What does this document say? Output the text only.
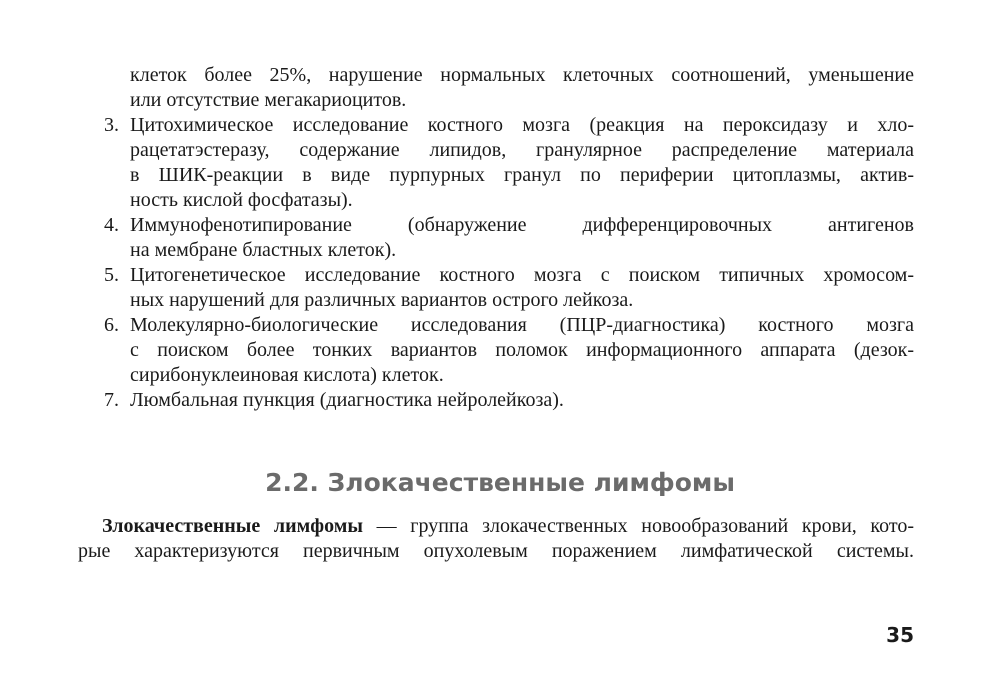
клеток более 25%, нарушение нормальных клеточных соотношений, уменьшение
или отсутствие мегакариоцитов.
3. Цитохимическое исследование костного мозга (реакция на пероксидазу и хло-
рацетатэстеразу, содержание липидов, гранулярное распределение материала
в ШИК-реакции в виде пурпурных гранул по периферии цитоплазмы, актив-
ность кислой фосфатазы).
4. Иммунофенотипирование (обнаружение дифференцировочных антигенов
на мембране бластных клеток).
5. Цитогенетическое исследование костного мозга с поиском типичных хромосом-
ных нарушений для различных вариантов острого лейкоза.
6. Молекулярно-биологические исследования (ПЦР-диагностика) костного мозга
с поиском более тонких вариантов поломок информационного аппарата (дезок-
сирибонуклеиновая кислота) клеток.
7. Люмбальная пункция (диагностика нейролейкоза).
2.2. Злокачественные лимфомы
Злокачественные лимфомы — группа злокачественных новообразований крови, кото-
рые характеризуются первичным опухолевым поражением лимфатической системы.
35
